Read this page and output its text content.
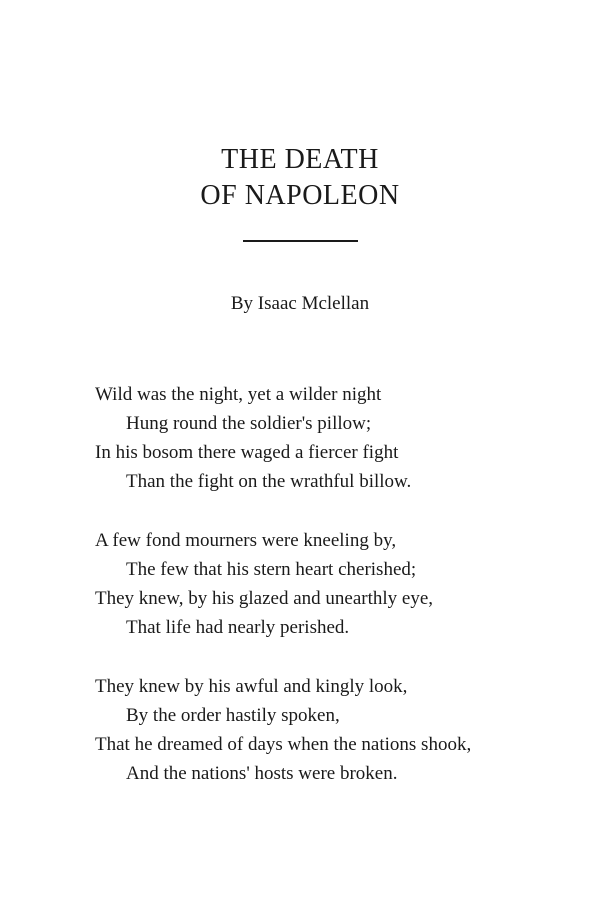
THE DEATH
OF NAPOLEON
By Isaac Mclellan
Wild was the night, yet a wilder night
Hung round the soldier's pillow;
In his bosom there waged a fiercer fight
Than the fight on the wrathful billow.
A few fond mourners were kneeling by,
The few that his stern heart cherished;
They knew, by his glazed and unearthly eye,
That life had nearly perished.
They knew by his awful and kingly look,
By the order hastily spoken,
That he dreamed of days when the nations shook,
And the nations' hosts were broken.
